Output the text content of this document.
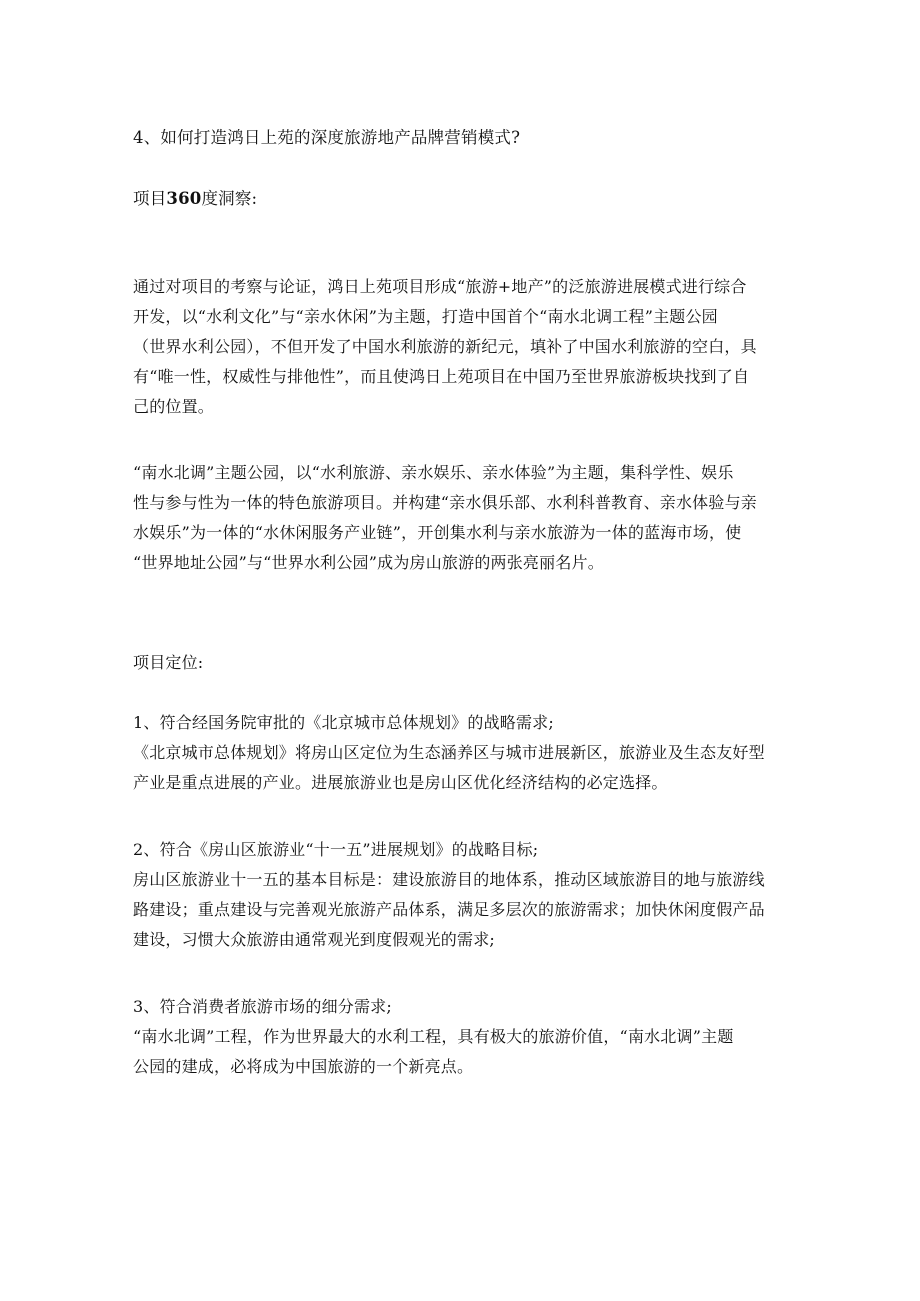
4、如何打造鸿日上苑的深度旅游地产品牌营销模式?

项目360度洞察:

通过对项目的考察与论证，鸿日上苑项目形成“旅游+地产”的泛旅游进展模式进行综合
开发，以“水利文化”与“亲水休闲”为主题，打造中国首个“南水北调工程”主题公园
（世界水利公园），不但开发了中国水利旅游的新纪元，填补了中国水利旅游的空白，具
有“唯一性，权威性与排他性”，而且使鸿日上苑项目在中国乃至世界旅游板块找到了自
己的位置。

“南水北调”主题公园，以“水利旅游、亲水娱乐、亲水体验”为主题，集科学性、娱乐
性与参与性为一体的特色旅游项目。并构建“亲水俱乐部、水利科普教育、亲水体验与亲
水娱乐”为一体的“水休闲服务产业链”，开创集水利与亲水旅游为一体的蓝海市场，使
“世界地址公园”与“世界水利公园”成为房山旅游的两张亮丽名片。

项目定位:

1、符合经国务院审批的《北京城市总体规划》的战略需求;
《北京城市总体规划》将房山区定位为生态涵养区与城市进展新区，旅游业及生态友好型
产业是重点进展的产业。进展旅游业也是房山区优化经济结构的必定选择。

2、符合《房山区旅游业“十一五”进展规划》的战略目标;
房山区旅游业十一五的基本目标是：建设旅游目的地体系，推动区域旅游目的地与旅游线
路建设；重点建设与完善观光旅游产品体系，满足多层次的旅游需求；加快休闲度假产品
建设，习惯大众旅游由通常观光到度假观光的需求;

3、符合消费者旅游市场的细分需求;
“南水北调”工程，作为世界最大的水利工程，具有极大的旅游价值，“南水北调”主题
公园的建成，必将成为中国旅游的一个新亮点。
